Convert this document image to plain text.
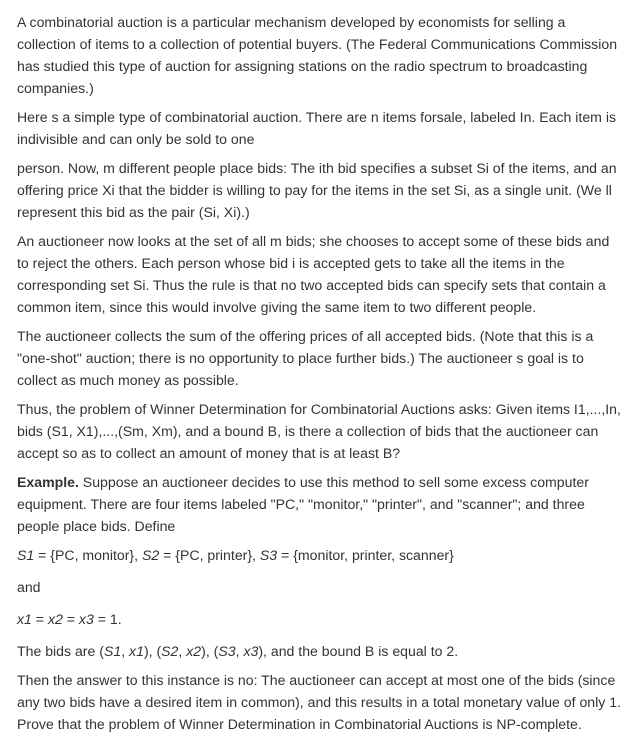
A combinatorial auction is a particular mechanism developed by economists for selling a collection of items to a collection of potential buyers. (The Federal Communications Commission has studied this type of auction for assigning stations on the radio spectrum to broadcasting companies.)

Here s a simple type of combinatorial auction. There are n items forsale, labeled In. Each item is indivisible and can only be sold to one

person. Now, m different people place bids: The ith bid specifies a subset Si of the items, and an offering price Xi that the bidder is willing to pay for the items in the set Si, as a single unit. (We ll represent this bid as the pair (Si, Xi).)

An auctioneer now looks at the set of all m bids; she chooses to accept some of these bids and to reject the others. Each person whose bid i is accepted gets to take all the items in the corresponding set Si. Thus the rule is that no two accepted bids can specify sets that contain a common item, since this would involve giving the same item to two different people.

The auctioneer collects the sum of the offering prices of all accepted bids. (Note that this is a "one-shot" auction; there is no opportunity to place further bids.) The auctioneer s goal is to collect as much money as possible.

Thus, the problem of Winner Determination for Combinatorial Auctions asks: Given items I1,...,In, bids (S1, X1),...,(Sm, Xm), and a bound B, is there a collection of bids that the auctioneer can accept so as to collect an amount of money that is at least B?

Example. Suppose an auctioneer decides to use this method to sell some excess computer equipment. There are four items labeled "PC," "monitor," "printer", and "scanner"; and three people place bids. Define

S1 = {PC, monitor}, S2 = {PC, printer}, S3 = {monitor, printer, scanner}

and

x1 = x2 = x3 = 1.

The bids are (S1, x1), (S2, x2), (S3, x3), and the bound B is equal to 2.

Then the answer to this instance is no: The auctioneer can accept at most one of the bids (since any two bids have a desired item in common), and this results in a total monetary value of only 1. Prove that the problem of Winner Determination in Combinatorial Auctions is NP-complete.
